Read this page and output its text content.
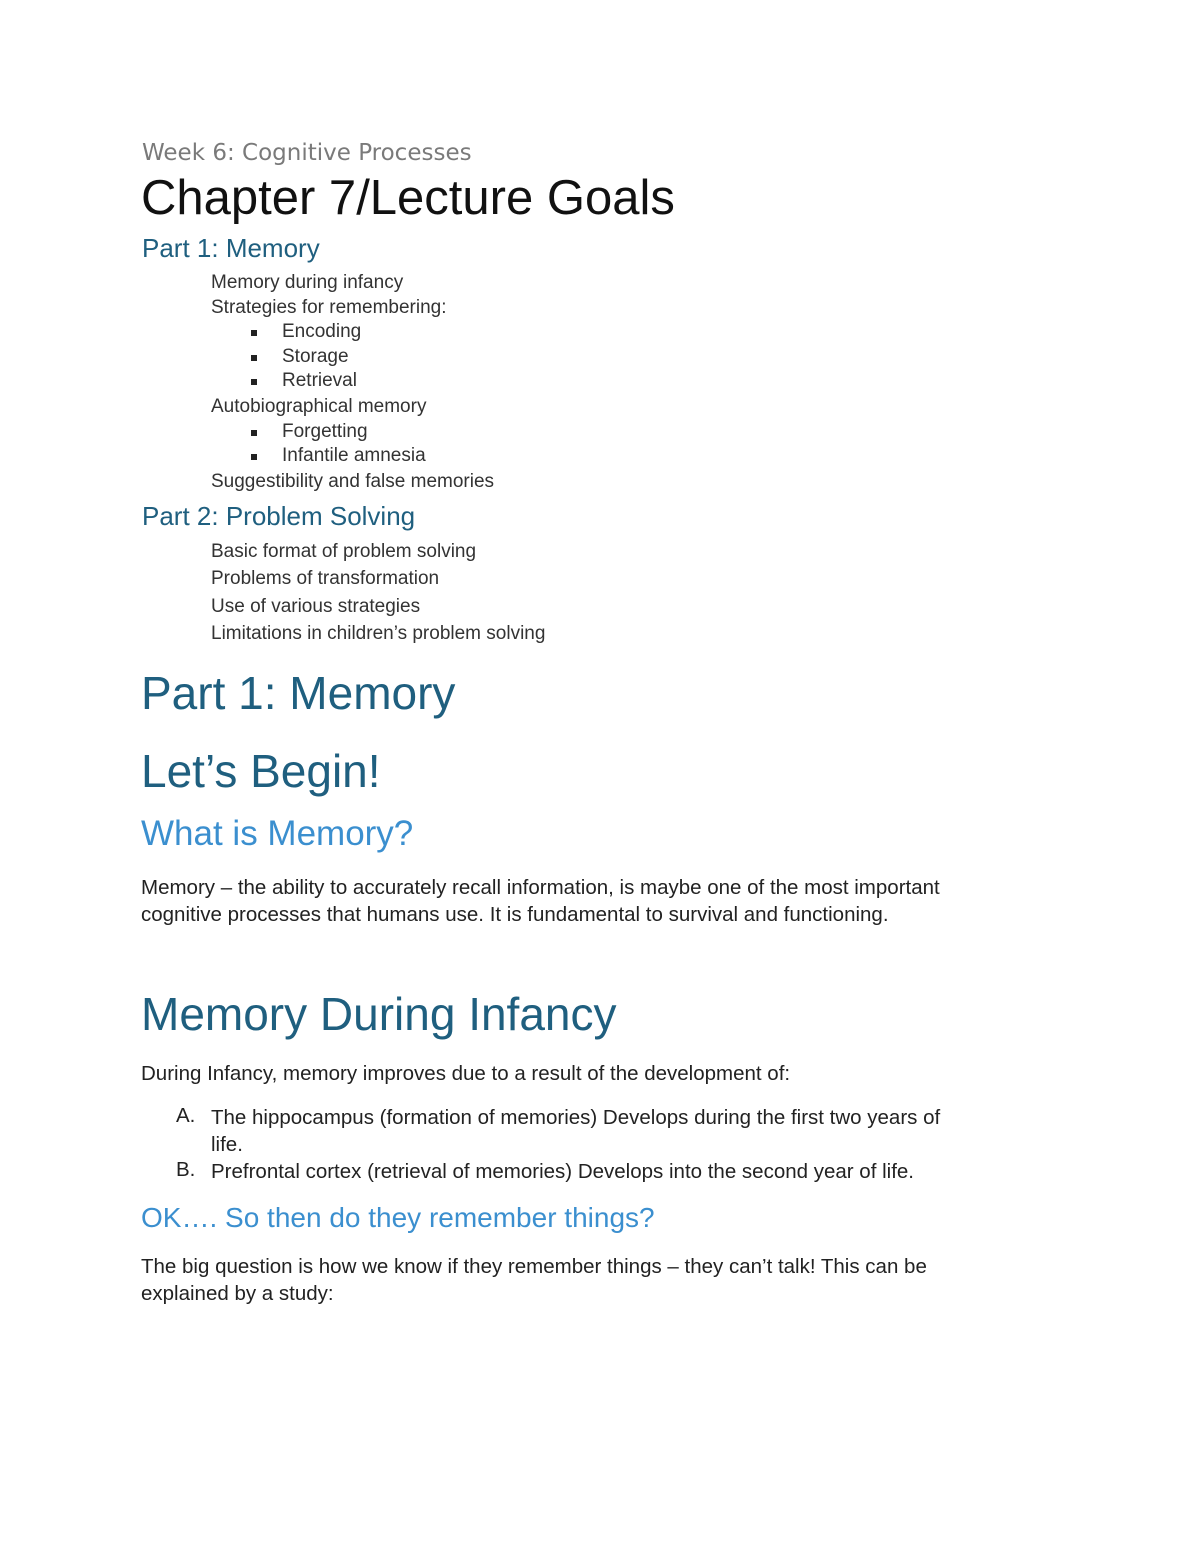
Week 6: Cognitive Processes
Chapter 7/Lecture Goals
Part 1: Memory
Memory during infancy
Strategies for remembering:
Encoding
Storage
Retrieval
Autobiographical memory
Forgetting
Infantile amnesia
Suggestibility and false memories
Part 2: Problem Solving
Basic format of problem solving
Problems of transformation
Use of various strategies
Limitations in children’s problem solving
Part 1: Memory
Let’s Begin!
What is Memory?
Memory – the ability to accurately recall information, is maybe one of the most important
cognitive processes that humans use. It is fundamental to survival and functioning.
Memory During Infancy
During Infancy, memory improves due to a result of the development of:
A. The hippocampus (formation of memories) Develops during the first two years of
life.
B. Prefrontal cortex (retrieval of memories) Develops into the second year of life.
OK…. So then do they remember things?
The big question is how we know if they remember things – they can’t talk! This can be
explained by a study:
